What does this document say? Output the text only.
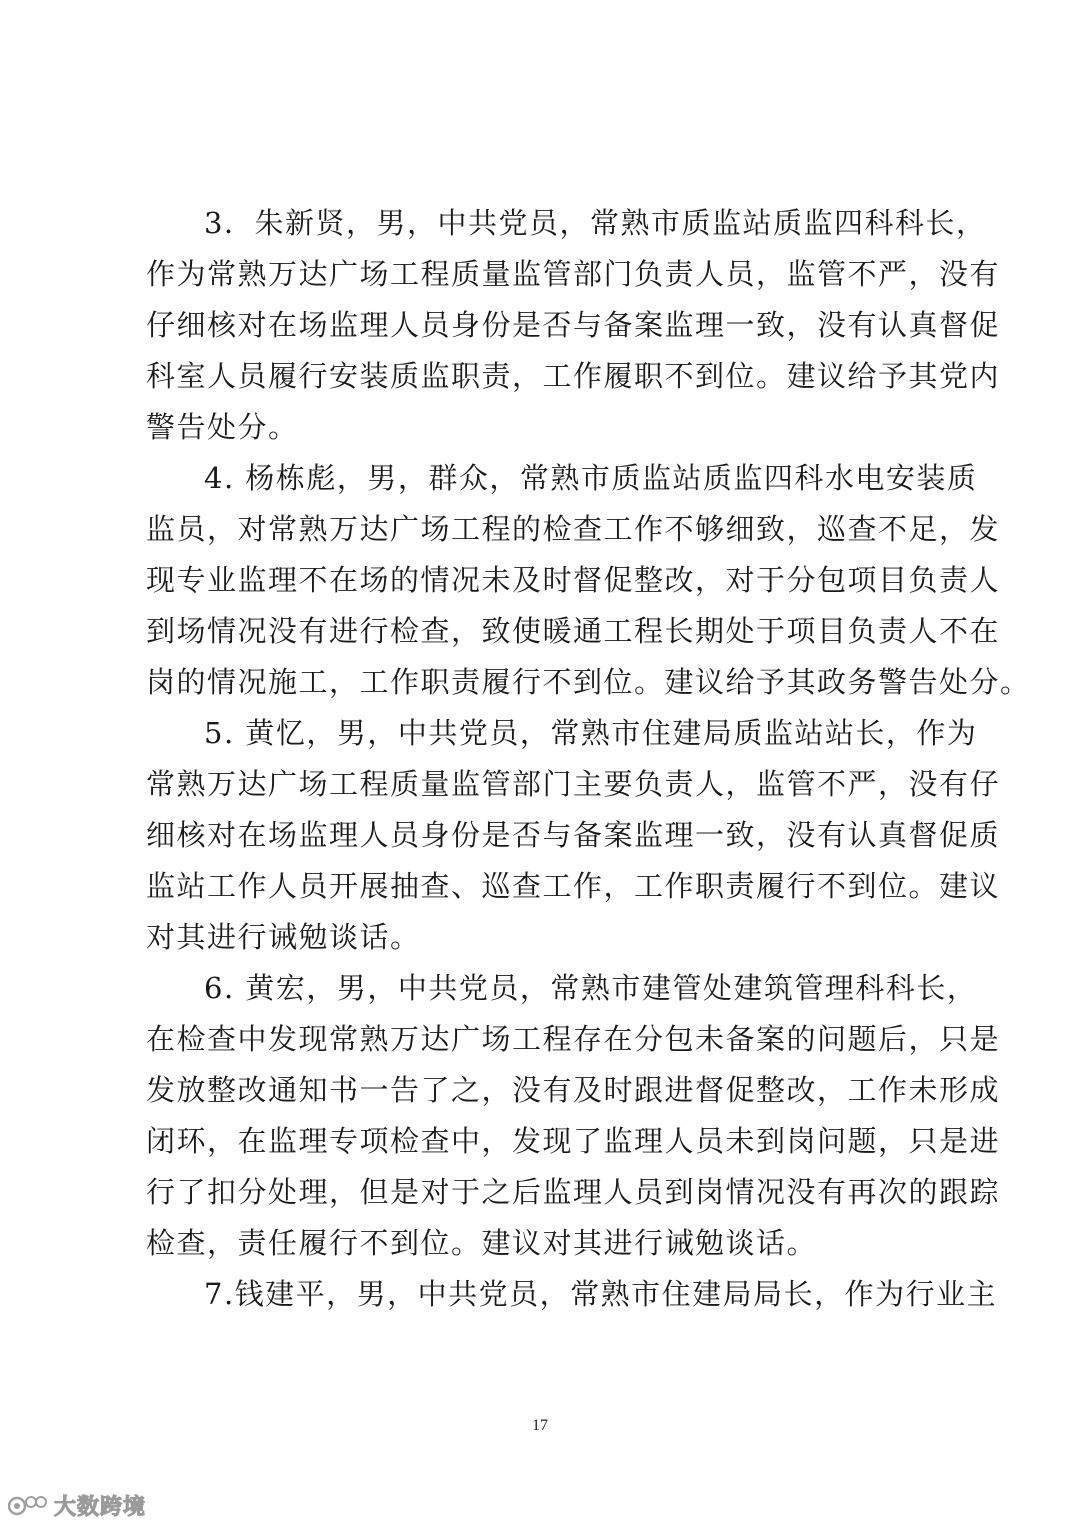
3．朱新贤，男，中共党员，常熟市质监站质监四科科长，
作为常熟万达广场工程质量监管部门负责人员，监管不严，没有
仔细核对在场监理人员身份是否与备案监理一致，没有认真督促
科室人员履行安装质监职责，工作履职不到位。建议给予其党内
警告处分。

4. 杨栋彪，男，群众，常熟市质监站质监四科水电安装质
监员，对常熟万达广场工程的检查工作不够细致，巡查不足，发
现专业监理不在场的情况未及时督促整改，对于分包项目负责人
到场情况没有进行检查，致使暖通工程长期处于项目负责人不在
岗的情况施工，工作职责履行不到位。建议给予其政务警告处分。

5. 黄忆，男，中共党员，常熟市住建局质监站站长，作为
常熟万达广场工程质量监管部门主要负责人，监管不严，没有仔
细核对在场监理人员身份是否与备案监理一致，没有认真督促质
监站工作人员开展抽查、巡查工作，工作职责履行不到位。建议
对其进行诫勉谈话。

6. 黄宏，男，中共党员，常熟市建管处建筑管理科科长，
在检查中发现常熟万达广场工程存在分包未备案的问题后，只是
发放整改通知书一告了之，没有及时跟进督促整改，工作未形成
闭环，在监理专项检查中，发现了监理人员未到岗问题，只是进
行了扣分处理，但是对于之后监理人员到岗情况没有再次的跟踪
检查，责任履行不到位。建议对其进行诫勉谈话。

7.钱建平，男，中共党员，常熟市住建局局长，作为行业主

17
大数跨境
